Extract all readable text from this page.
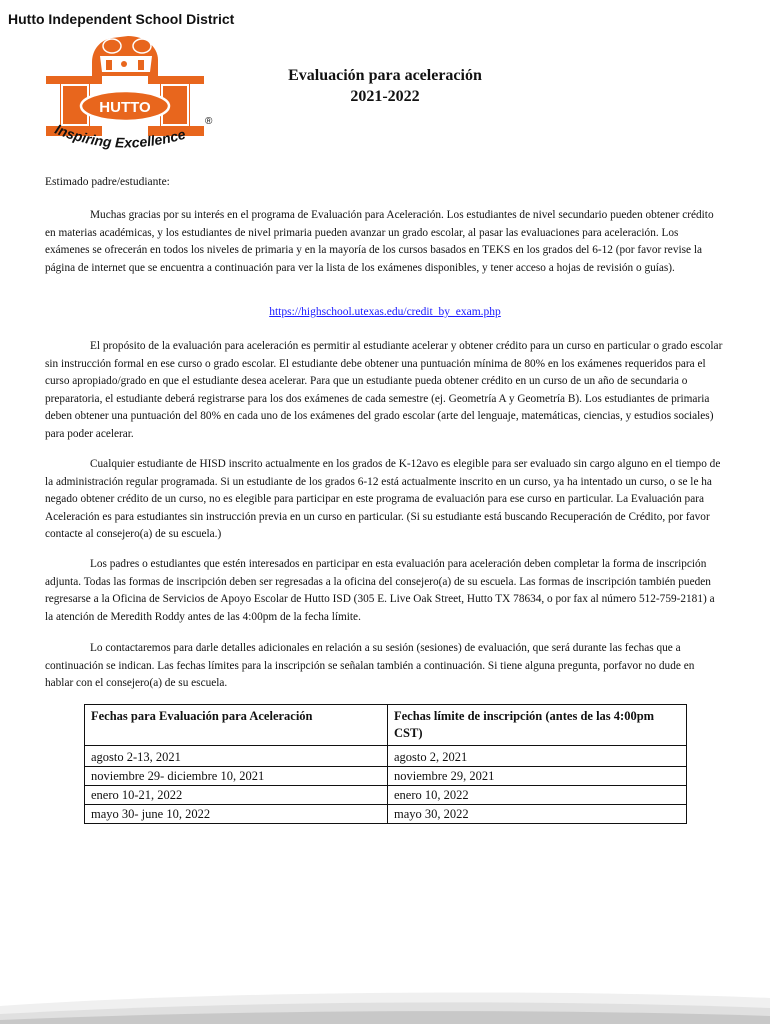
Hutto Independent School District
HUTTO
®
Inspiring Excellence
Evaluación para aceleración
2021-2022
Estimado padre/estudiante:

Muchas gracias por su interés en el programa de Evaluación para Aceleración. Los estudiantes de nivel secundario pueden obtener crédito en materias académicas, y los estudiantes de nivel primaria pueden avanzar un grado escolar, al pasar las evaluaciones para aceleración. Los exámenes se ofrecerán en todos los niveles de primaria y en la mayoría de los cursos basados en TEKS en los grados del 6-12 (por favor revise la página de internet que se encuentra a continuación para ver la lista de los exámenes disponibles, y tener acceso a hojas de revisión o guías).

https://highschool.utexas.edu/credit_by_exam.php

El propósito de la evaluación para aceleración es permitir al estudiante acelerar y obtener crédito para un curso en particular o grado escolar sin instrucción formal en ese curso o grado escolar. El estudiante debe obtener una puntuación mínima de 80% en los exámenes requeridos para el curso apropiado/grado en que el estudiante desea acelerar. Para que un estudiante pueda obtener crédito en un curso de un año de secundaria o preparatoria, el estudiante deberá registrarse para los dos exámenes de cada semestre (ej. Geometría A y Geometría B). Los estudiantes de primaria deben obtener una puntuación del 80% en cada uno de los exámenes del grado escolar (arte del lenguaje, matemáticas, ciencias, y estudios sociales) para poder acelerar.

Cualquier estudiante de HISD inscrito actualmente en los grados de K-12avo es elegible para ser evaluado sin cargo alguno en el tiempo de la administración regular programada. Si un estudiante de los grados 6-12 está actualmente inscrito en un curso, ya ha intentado un curso, o se le ha negado obtener crédito de un curso, no es elegible para participar en este programa de evaluación para ese curso en particular. La Evaluación para Aceleración es para estudiantes sin instrucción previa en un curso en particular. (Si su estudiante está buscando Recuperación de Crédito, por favor contacte al consejero(a) de su escuela.)

Los padres o estudiantes que estén interesados en participar en esta evaluación para aceleración deben completar la forma de inscripción adjunta. Todas las formas de inscripción deben ser regresadas a la oficina del consejero(a) de su escuela. Las formas de inscripción también pueden regresarse a la Oficina de Servicios de Apoyo Escolar de Hutto ISD (305 E. Live Oak Street, Hutto TX 78634, o por fax al número 512-759-2181) a la atención de Meredith Roddy antes de las 4:00pm de la fecha límite.

Lo contactaremos para darle detalles adicionales en relación a su sesión (sesiones) de evaluación, que será durante las fechas que a continuación se indican. Las fechas límites para la inscripción se señalan también a continuación. Si tiene alguna pregunta, porfavor no dude en hablar con el consejero(a) de su escuela.

Fechas para Evaluación para Aceleración	Fechas límite de inscripción (antes de las 4:00pm CST)
agosto 2-13, 2021	agosto 2, 2021
noviembre 29- diciembre 10, 2021	noviembre 29, 2021
enero 10-21, 2022	enero 10, 2022
mayo 30- june 10, 2022	mayo 30, 2022
